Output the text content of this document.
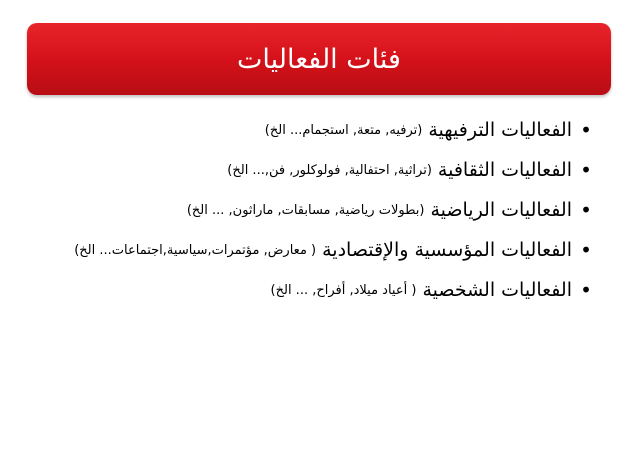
فئات الفعاليات
•
الفعاليات الترفيهية
(ترفيه, متعة, استجمام... الخ)
•
الفعاليات الثقافية
(تراثية, احتفالية, فولوكلور, فن,... الخ)
•
الفعاليات الرياضية
(بطولات رياضية, مسابقات, ماراثون, ... الخ)
•
الفعاليات المؤسسية والإقتصادية
( معارض, مؤتمرات,سياسية,اجتماعات... الخ)
•
الفعاليات الشخصية
( أعياد ميلاد, أفراح, ... الخ)
